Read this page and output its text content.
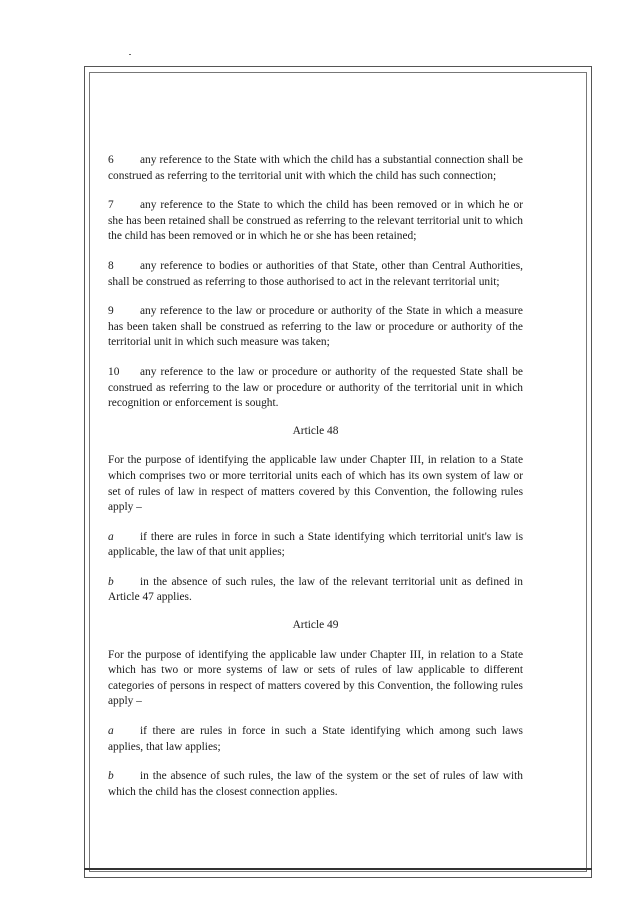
6 any reference to the State with which the child has a substantial connection shall be construed as referring to the territorial unit with which the child has such connection;

7 any reference to the State to which the child has been removed or in which he or she has been retained shall be construed as referring to the relevant territorial unit to which the child has been removed or in which he or she has been retained;

8 any reference to bodies or authorities of that State, other than Central Authorities, shall be construed as referring to those authorised to act in the relevant territorial unit;

9 any reference to the law or procedure or authority of the State in which a measure has been taken shall be construed as referring to the law or procedure or authority of the territorial unit in which such measure was taken;

10 any reference to the law or procedure or authority of the requested State shall be construed as referring to the law or procedure or authority of the territorial unit in which recognition or enforcement is sought.

Article 48

For the purpose of identifying the applicable law under Chapter III, in relation to a State which comprises two or more territorial units each of which has its own system of law or set of rules of law in respect of matters covered by this Convention, the following rules apply –

a if there are rules in force in such a State identifying which territorial unit's law is applicable, the law of that unit applies;

b in the absence of such rules, the law of the relevant territorial unit as defined in Article 47 applies.

Article 49

For the purpose of identifying the applicable law under Chapter III, in relation to a State which has two or more systems of law or sets of rules of law applicable to different categories of persons in respect of matters covered by this Convention, the following rules apply –

a if there are rules in force in such a State identifying which among such laws applies, that law applies;

b in the absence of such rules, the law of the system or the set of rules of law with which the child has the closest connection applies.
